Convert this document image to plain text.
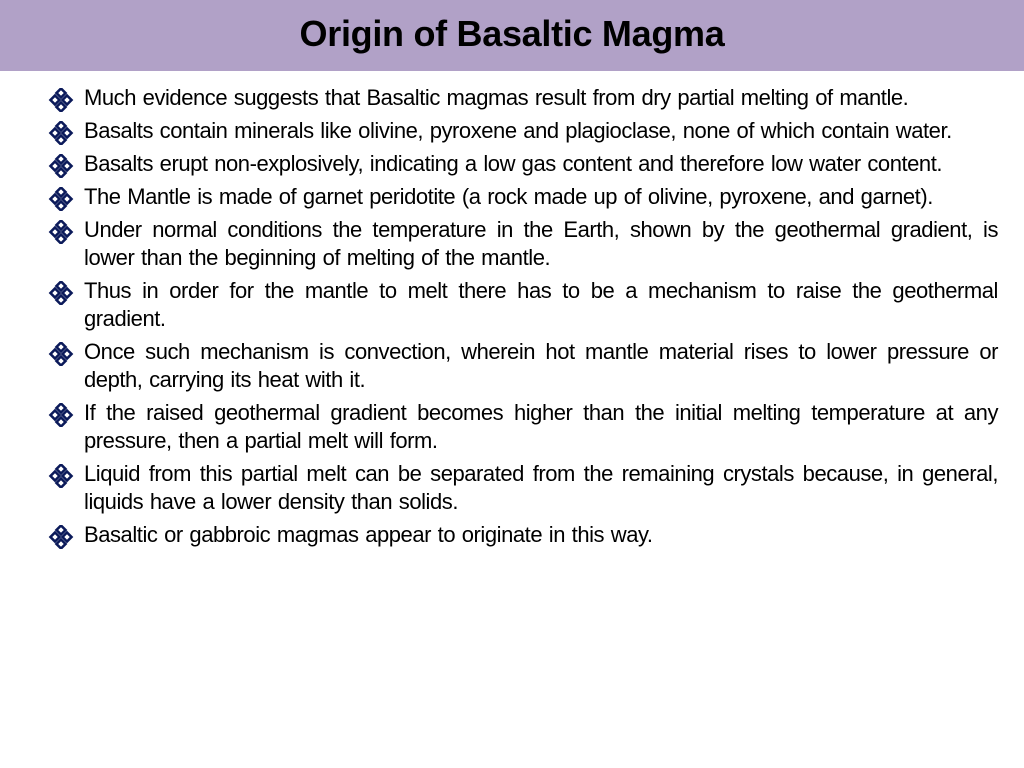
Origin of Basaltic Magma
Much evidence suggests that Basaltic magmas result from dry partial melting of mantle.
Basalts contain minerals like olivine, pyroxene and plagioclase, none of which contain water.
Basalts erupt non-explosively, indicating a low gas content and therefore low water content.
The Mantle is made of garnet peridotite (a rock made up of olivine, pyroxene, and garnet).
Under normal conditions the temperature in the Earth, shown by the geothermal gradient, is lower than the beginning of melting of the mantle.
Thus in order for the mantle to melt there has to be a mechanism to raise the geothermal gradient.
Once such mechanism is convection, wherein hot mantle material rises to lower pressure or depth, carrying its heat with it.
If the raised geothermal gradient becomes higher than the initial melting temperature at any pressure, then a partial melt will form.
Liquid from this partial melt can be separated from the remaining crystals because, in general, liquids have a lower density than solids.
Basaltic or gabbroic magmas appear to originate in this way.
